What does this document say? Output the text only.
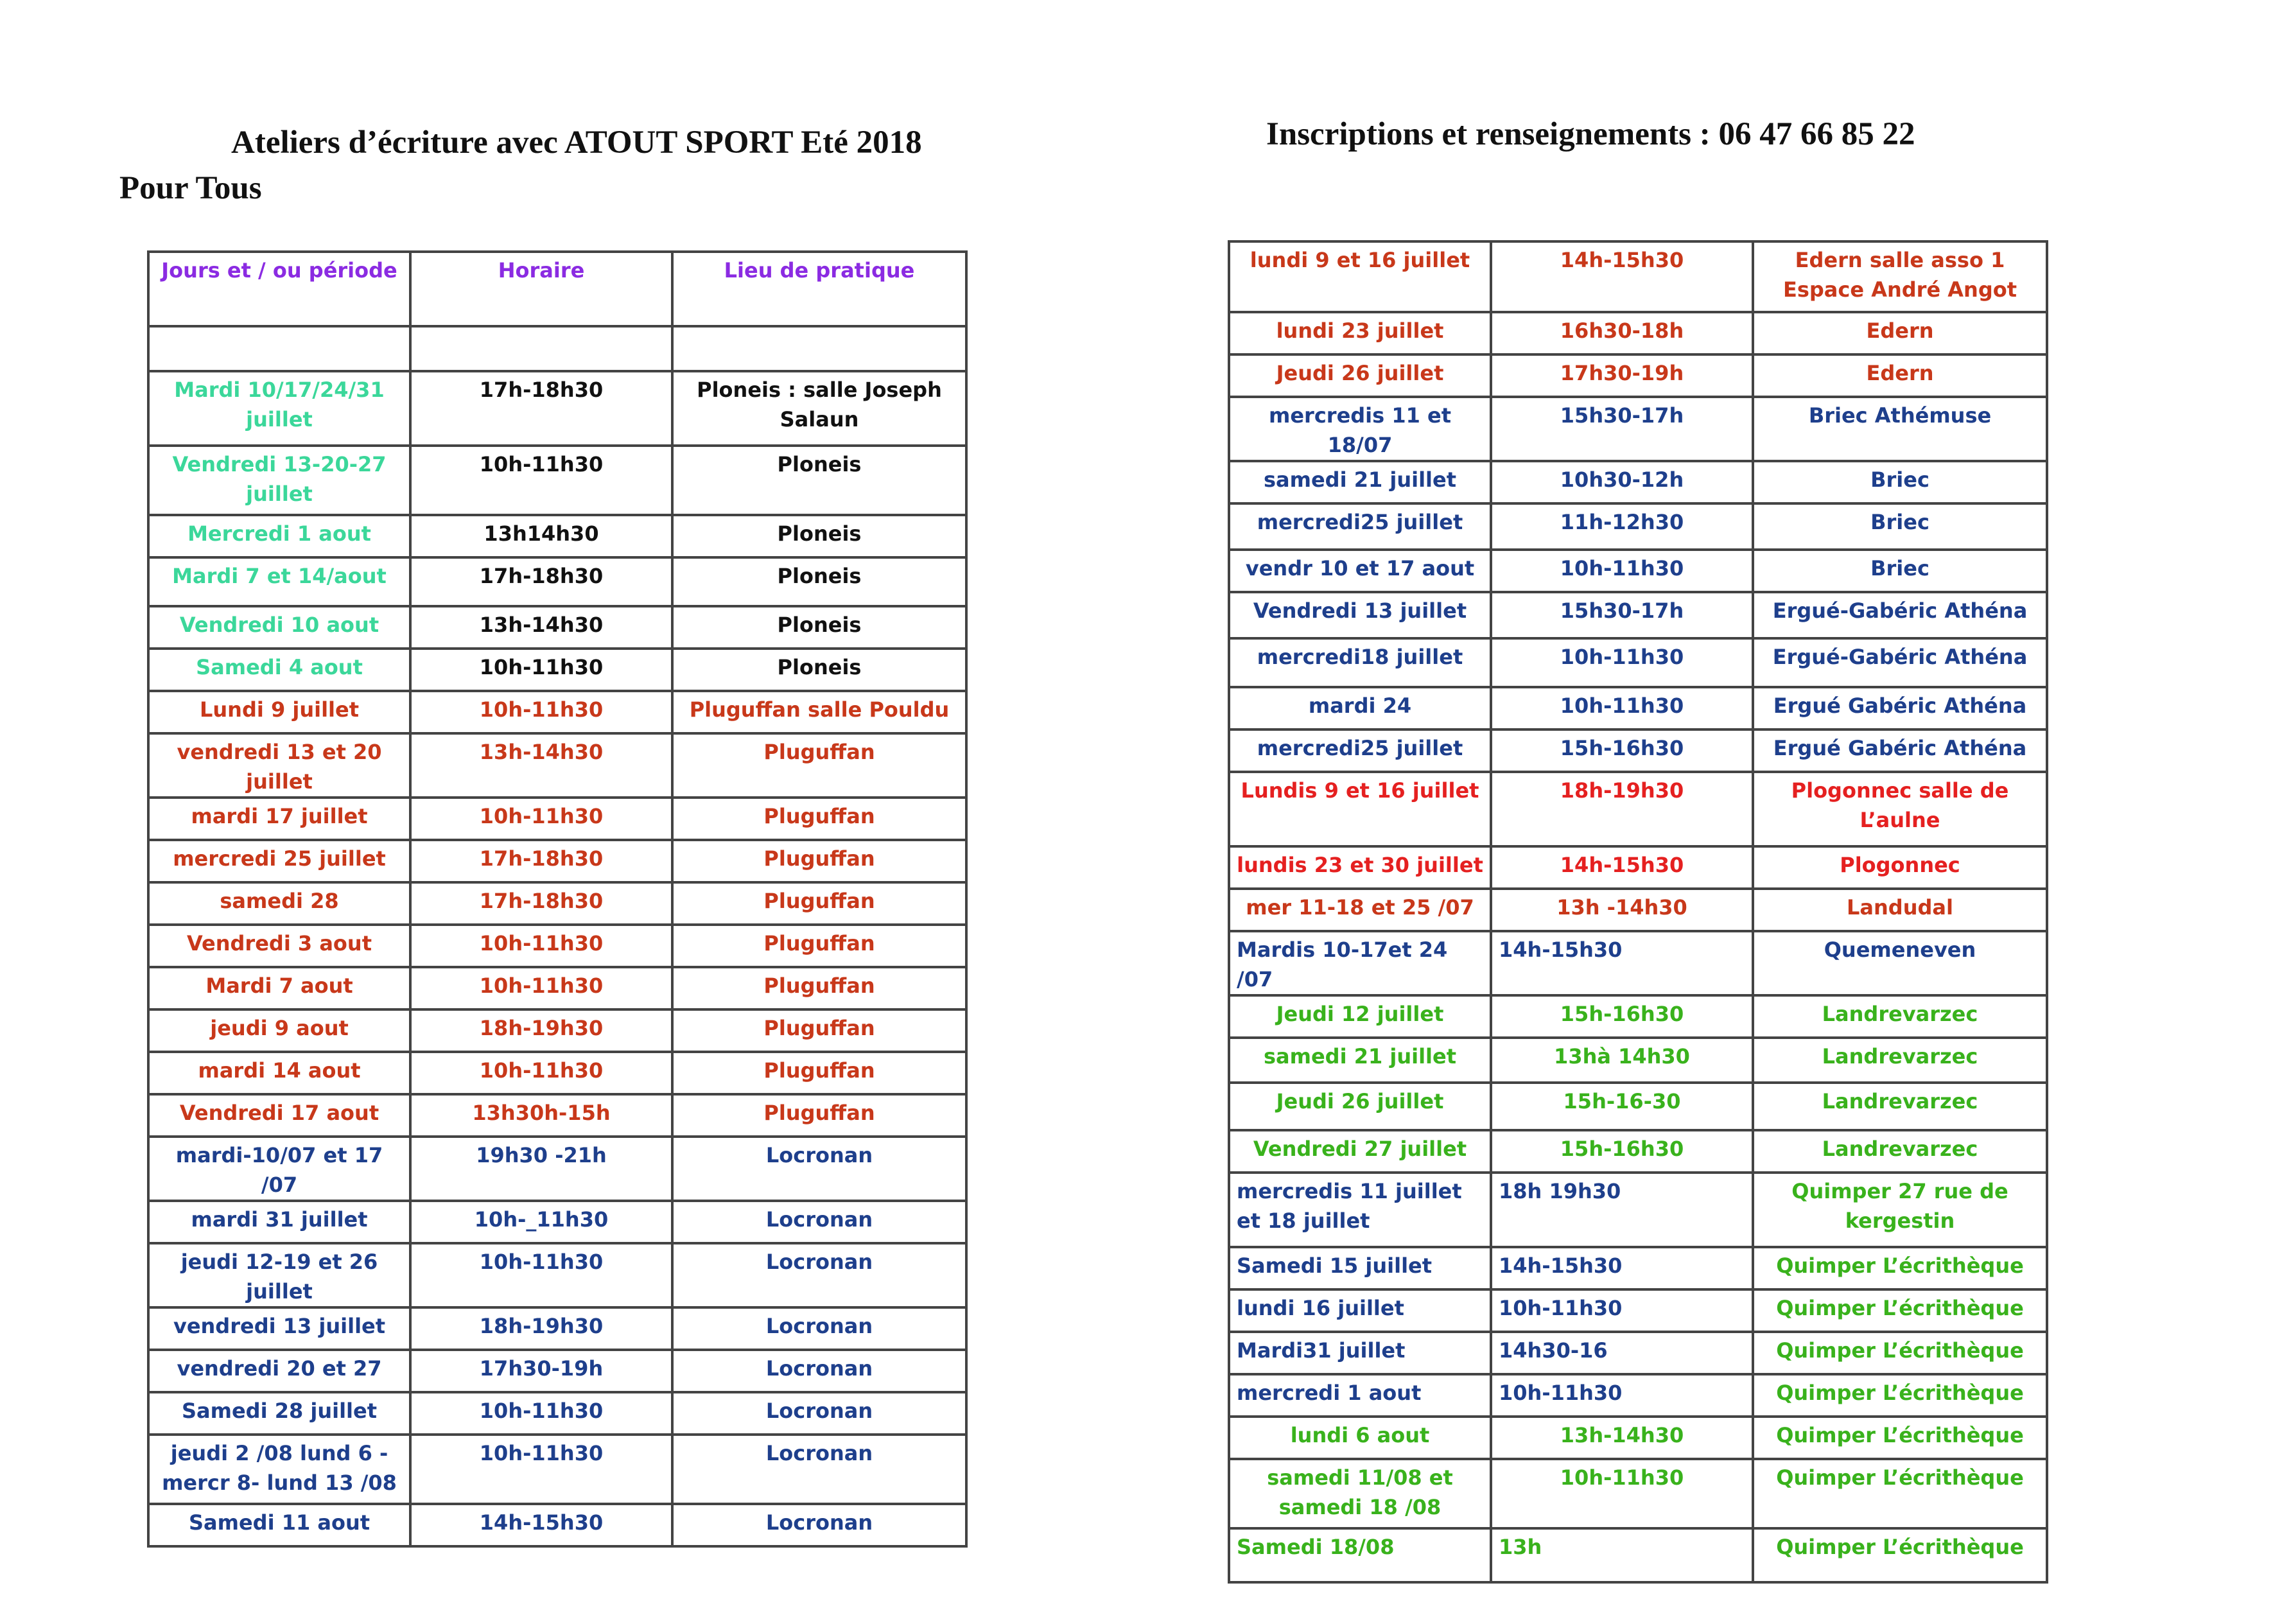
Ateliers d’écriture avec ATOUT SPORT Eté 2018
Pour Tous
Inscriptions et renseignements : 06 47 66 85 22
Jours et / ou période	Horaire	Lieu de pratique

Mardi 10/17/24/31 juillet	17h-18h30	Ploneis : salle Joseph Salaun
Vendredi 13-20-27 juillet	10h-11h30	Ploneis
Mercredi 1 aout	13h14h30	Ploneis
Mardi 7 et 14/aout	17h-18h30	Ploneis
Vendredi 10 aout	13h-14h30	Ploneis
Samedi 4 aout	10h-11h30	Ploneis
Lundi 9 juillet	10h-11h30	Pluguffan salle Pouldu
vendredi 13 et 20 juillet	13h-14h30	Pluguffan
mardi 17 juillet	10h-11h30	Pluguffan
mercredi 25 juillet	17h-18h30	Pluguffan
samedi 28	17h-18h30	Pluguffan
Vendredi 3 aout	10h-11h30	Pluguffan
Mardi 7 aout	10h-11h30	Pluguffan
jeudi 9 aout	18h-19h30	Pluguffan
mardi 14 aout	10h-11h30	Pluguffan
Vendredi 17 aout	13h30h-15h	Pluguffan
mardi-10/07 et 17 /07	19h30 -21h	Locronan
mardi 31 juillet	10h-_11h30	Locronan
jeudi 12-19 et 26 juillet	10h-11h30	Locronan
vendredi 13 juillet	18h-19h30	Locronan
vendredi 20 et 27	17h30-19h	Locronan
Samedi 28 juillet	10h-11h30	Locronan
jeudi 2 /08 lund 6 - mercr 8- lund 13 /08	10h-11h30	Locronan
Samedi 11 aout	14h-15h30	Locronan
lundi 9 et 16 juillet	14h-15h30	Edern salle asso 1 Espace André Angot
lundi 23 juillet	16h30-18h	Edern
Jeudi 26 juillet	17h30-19h	Edern
mercredis 11 et 18/07	15h30-17h	Briec Athémuse
samedi 21 juillet	10h30-12h	Briec
mercredi25 juillet	11h-12h30	Briec
vendr 10 et 17 aout	10h-11h30	Briec
Vendredi 13 juillet	15h30-17h	Ergué-Gabéric Athéna
mercredi18 juillet	10h-11h30	Ergué-Gabéric Athéna
mardi 24	10h-11h30	Ergué Gabéric Athéna
mercredi25 juillet	15h-16h30	Ergué Gabéric Athéna
Lundis 9 et 16 juillet	18h-19h30	Plogonnec salle de L’aulne
lundis 23 et 30 juillet	14h-15h30	Plogonnec
mer 11-18 et 25 /07	13h -14h30	Landudal
Mardis 10-17et 24 /07	14h-15h30	Quemeneven
Jeudi 12 juillet	15h-16h30	Landrevarzec
samedi 21 juillet	13hà 14h30	Landrevarzec
Jeudi 26 juillet	15h-16-30	Landrevarzec
Vendredi 27 juillet	15h-16h30	Landrevarzec
mercredis 11 juillet et 18 juillet	18h 19h30	Quimper 27 rue de kergestin
Samedi 15 juillet	14h-15h30	Quimper L’écrithèque
lundi 16 juillet	10h-11h30	Quimper L’écrithèque
Mardi31 juillet	14h30-16	Quimper L’écrithèque
mercredi 1 aout	10h-11h30	Quimper L’écrithèque
lundi 6 aout	13h-14h30	Quimper L’écrithèque
samedi 11/08 et samedi 18 /08	10h-11h30	Quimper L’écrithèque
Samedi 18/08	13h	Quimper L’écrithèque
